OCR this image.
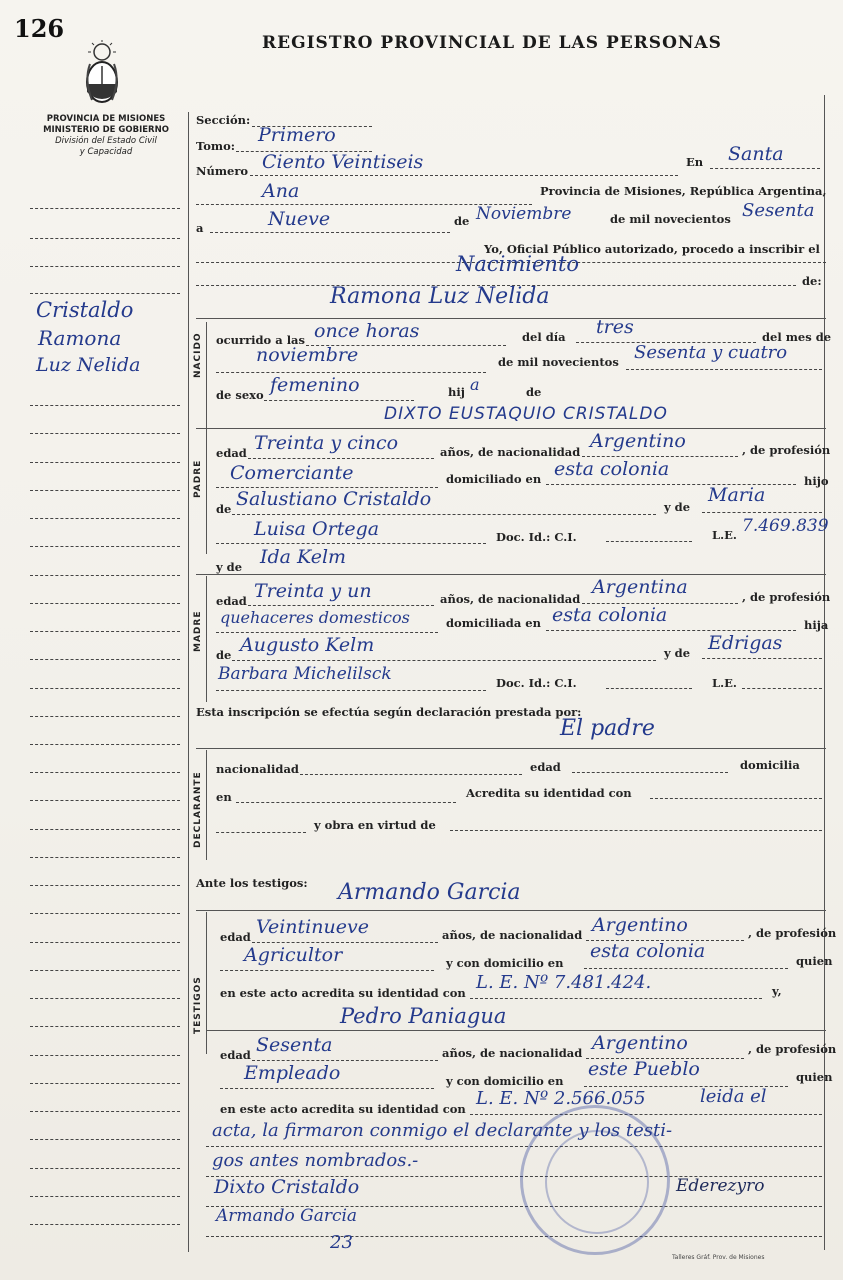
126	REGISTRO PROVINCIAL DE LAS PERSONAS
PROVINCIA DE MISIONES
MINISTERIO DE GOBIERNO
División del Estado Civil
y Capacidad
Cristaldo
Ramona
Luz Nelida
Sección:
Tomo: Primero
Número Ciento Veintiseis	En Santa
Ana	Provincia de Misiones, República Argentina,
a	Nueve	de Noviembre	de mil novecientos Sesenta
Yo, Oficial Público autorizado, procedo a inscribir el
Nacimiento
de:
Ramona Luz Nelida
NACIDO ocurrido a las once horas	del día tres	del mes de
noviembre	de mil novecientos Sesenta y cuatro
de sexo femenino	hij a	de
DIXTO EUSTAQUIO CRISTALDO
PADRE
edad Treinta y cinco	años, de nacionalidad Argentino	, de profesión
Comerciante	domiciliado en esta colonia
hijo
de Salustiano Cristaldo	y de
Maria
Luisa Ortega	Doc. Id.: C.I.	L.E. 7.469.839
y de Ida Kelm
MADRE
edad Treinta y un	años, de nacionalidad
Argentina	, de profesión
quehaceres domesticos	domiciliada en esta colonia	hija
de Augusto Kelm	y de Edrigas
Barbara Michelilsck	Doc. Id.: C.I.	L.E.
Esta inscripción se efectúa según declaración prestada por:
El padre
DECLARANTE
nacionalidad	edad	domicilia
en	Acredita su identidad con
y obra en virtud de
Ante los testigos: Armando Garcia
TESTIGOS
edad Veintinueve	años, de nacionalidad Argentino	, de profesión
Agricultor	y con domicilio en
esta colonia	quien
en este acto acredita su identidad con L. E. Nº 7.481.424.	y,
Pedro Paniagua
edad Sesenta	años, de nacionalidad Argentino	, de profesión
Empleado	y con domicilio en
este Pueblo	quien
en este acto acredita su identidad con L. E. Nº 2.566.055	leida el
acta, la firmaron conmigo el declarante y los testi-
gos antes nombrados.-
Dixto Cristaldo
Armando Garcia
Ederezyro
23
Talleres Gráf. Prov. de Misiones
